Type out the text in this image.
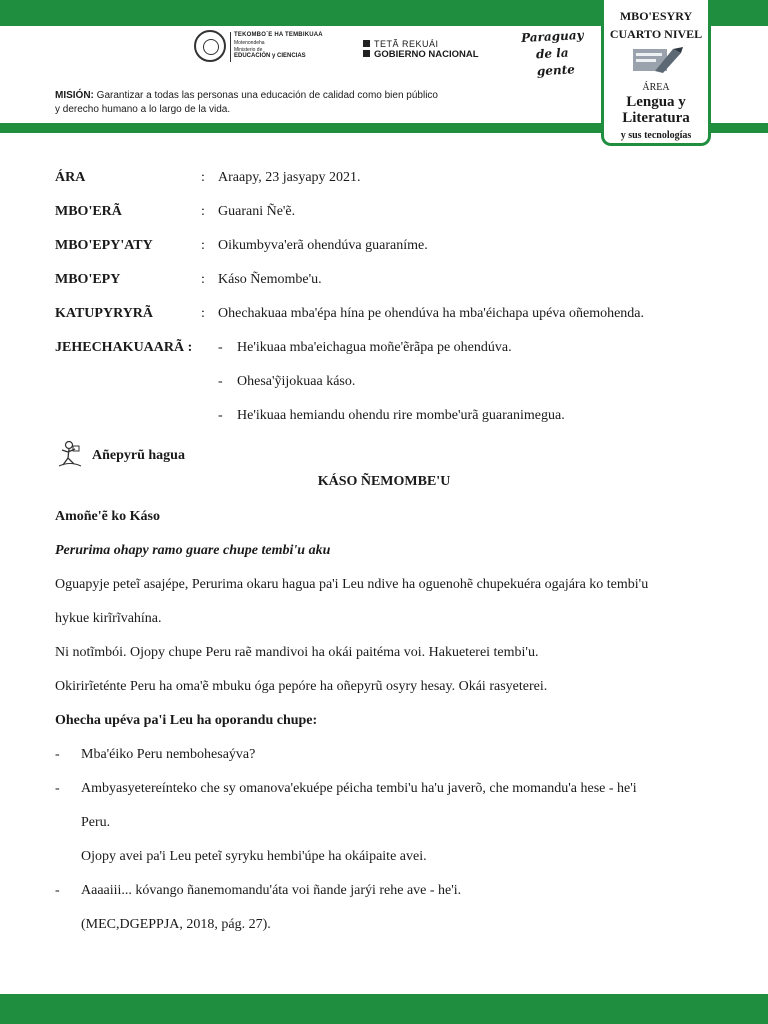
TEKOMBO´E HA TEMBIKUAA
Motenondeha
Ministerio de
EDUCACIÓN y CIENCIAS
TETÃ REKUÁI
GOBIERNO NACIONAL
Paraguay
de la gente
MISIÓN: Garantizar a todas las personas una educación de calidad como bien público
y derecho humano a lo largo de la vida.
MBO'ESYRY
CUARTO NIVEL
ÁREA
Lengua y
Literatura
y sus tecnologías
ÁRA	: Araapy, 23 jasyapy 2021.
MBO'ERÃ	: Guarani Ñe'ẽ.
MBO'EPY'ATY	: Oikumbyva'erã ohendúva guaraníme.
MBO'EPY	: Káso Ñemombe'u.
KATUPYRYRÃ	: Ohechakuaa mba'épa hína pe ohendúva ha mba'éichapa upéva oñemohenda.
JEHECHAKUAARÃ : - He'ikuaa mba'eichagua moñe'ẽrãpa pe ohendúva.
- Ohesa'ỹijokuaa káso.
- He'ikuaa hemiandu ohendu rire mombe'urã guaranimegua.
Añepyrũ hagua
KÁSO ÑEMOMBE'U
Amoñe'ẽ ko Káso
Perurima ohapy ramo guare chupe tembi'u aku
Oguapyje peteĩ asajépe, Perurima okaru hagua pa'i Leu ndive ha oguenohẽ chupekuéra ogajára ko tembi'u
hykue kirĩrĩvahína.
Ni notĩmbói. Ojopy chupe Peru raẽ mandivoi ha okái paitéma voi. Hakueterei tembi'u.
Okirirĩeténte Peru ha oma'ẽ mbuku óga pepóre ha oñepyrũ osyry hesay. Okái rasyeterei.
Ohecha upéva pa'i Leu ha oporandu chupe:
- Mba'éiko Peru nembohesaýva?
- Ambyasyetereínteko che sy omanova'ekuépe péicha tembi'u ha'u javerõ, che momandu'a hese - he'i
Peru.
Ojopy avei pa'i Leu peteĩ syryku hembi'úpe ha okáipaite avei.
- Aaaaiii... kóvango ñanemomandu'áta voi ñande jarýi rehe ave - he'i.
(MEC,DGEPPJA, 2018, pág. 27).
